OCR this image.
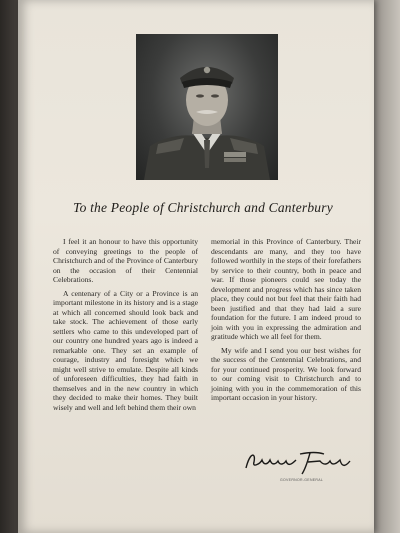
To the People of Christchurch and Canterbury

I feel it an honour to have this opportunity of conveying greetings to the people of Christchurch and of the Province of Canterbury on the occasion of their Centennial Celebrations.

A centenary of a City or a Province is an important milestone in its history and is a stage at which all concerned should look back and take stock. The achievement of those early settlers who came to this undeveloped part of our country one hundred years ago is indeed a remarkable one. They set an example of courage, industry and foresight which we might well strive to emulate. Despite all kinds of unforeseen difficulties, they had faith in themselves and in the new country in which they decided to make their homes. They built wisely and well and left behind them their own

memorial in this Province of Canterbury. Their descendants are many, and they too have followed worthily in the steps of their forefathers by service to their country, both in peace and war. If those pioneers could see today the development and progress which has since taken place, they could not but feel that their faith had been justified and that they had laid a sure foundation for the future. I am indeed proud to join with you in expressing the admiration and gratitude which we all feel for them.

My wife and I send you our best wishes for the success of the Centennial Celebrations, and for your continued prosperity. We look forward to our coming visit to Christchurch and to joining with you in the commemoration of this important occasion in your history.

GOVERNOR-GENERAL
